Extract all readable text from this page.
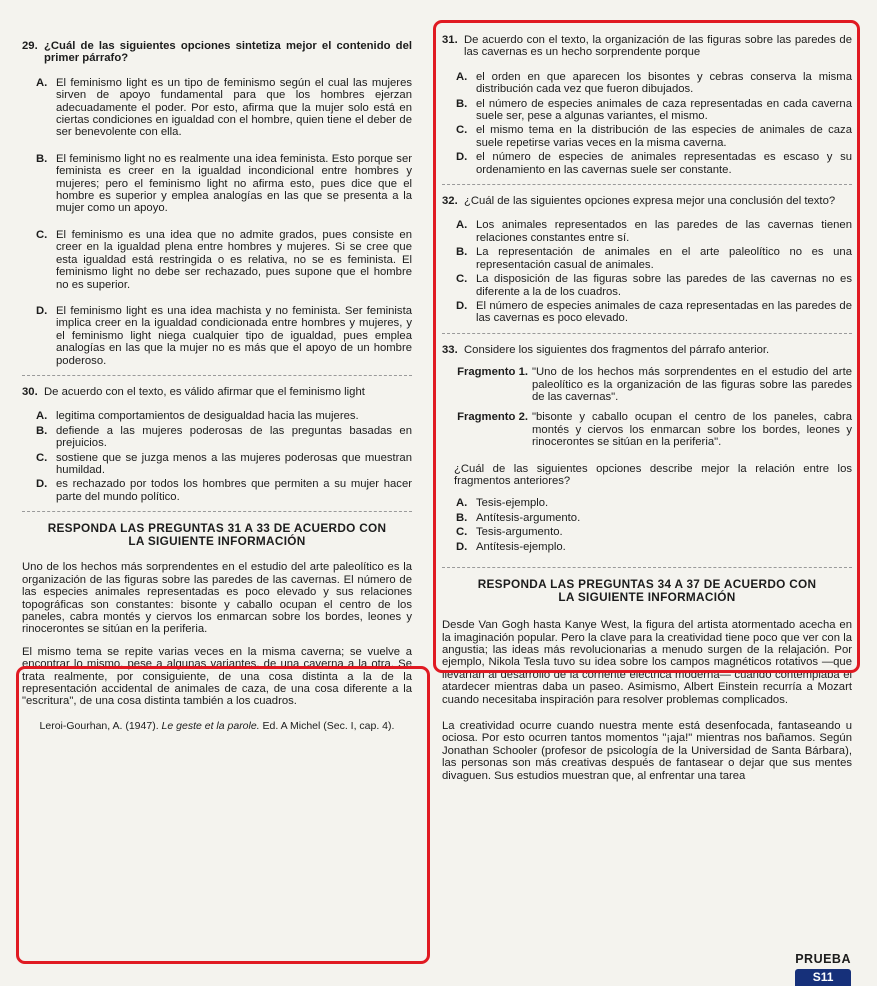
29. ¿Cuál de las siguientes opciones sintetiza mejor el contenido del primer párrafo?
A. El feminismo light es un tipo de feminismo según el cual las mujeres sirven de apoyo fundamental para que los hombres ejerzan adecuadamente el poder. Por esto, afirma que la mujer solo está en ciertas condiciones en igualdad con el hombre, quien tiene el deber de ser benevolente con ella.
B. El feminismo light no es realmente una idea feminista. Esto porque ser feminista es creer en la igualdad incondicional entre hombres y mujeres; pero el feminismo light no afirma esto, pues dice que el hombre es superior y emplea analogías en las que se presenta a la mujer como un apoyo.
C. El feminismo es una idea que no admite grados, pues consiste en creer en la igualdad plena entre hombres y mujeres. Si se cree que esta igualdad está restringida o es relativa, no se es feminista. El feminismo light no debe ser rechazado, pues supone que el hombre no es superior.
D. El feminismo light es una idea machista y no feminista. Ser feminista implica creer en la igualdad condicionada entre hombres y mujeres, y el feminismo light niega cualquier tipo de igualdad, pues emplea analogías en las que la mujer no es más que el apoyo de un hombre poderoso.
30. De acuerdo con el texto, es válido afirmar que el feminismo light
A. legitima comportamientos de desigualdad hacia las mujeres.
B. defiende a las mujeres poderosas de las preguntas basadas en prejuicios.
C. sostiene que se juzga menos a las mujeres poderosas que muestran humildad.
D. es rechazado por todos los hombres que permiten a su mujer hacer parte del mundo político.
RESPONDA LAS PREGUNTAS 31 A 33 DE ACUERDO CON
LA SIGUIENTE INFORMACIÓN
Uno de los hechos más sorprendentes en el estudio del arte paleolítico es la organización de las figuras sobre las paredes de las cavernas. El número de las especies animales representadas es poco elevado y sus relaciones topográficas son constantes: bisonte y caballo ocupan el centro de los paneles, cabra montés y ciervos los enmarcan sobre los bordes, leones y rinocerontes se sitúan en la periferia.
El mismo tema se repite varias veces en la misma caverna; se vuelve a encontrar lo mismo, pese a algunas variantes, de una caverna a la otra. Se trata realmente, por consiguiente, de una cosa distinta a la de la representación accidental de animales de caza, de una cosa diferente a la "escritura", de una cosa distinta también a los cuadros.
Leroi-Gourhan, A. (1947). Le geste et la parole. Ed. A Michel (Sec. I, cap. 4).
31. De acuerdo con el texto, la organización de las figuras sobre las paredes de las cavernas es un hecho sorprendente porque
A. el orden en que aparecen los bisontes y cebras conserva la misma distribución cada vez que fueron dibujados.
B. el número de especies animales de caza representadas en cada caverna suele ser, pese a algunas variantes, el mismo.
C. el mismo tema en la distribución de las especies de animales de caza suele repetirse varias veces en la misma caverna.
D. el número de especies de animales representadas es escaso y su ordenamiento en las cavernas suele ser constante.
32. ¿Cuál de las siguientes opciones expresa mejor una conclusión del texto?
A. Los animales representados en las paredes de las cavernas tienen relaciones constantes entre sí.
B. La representación de animales en el arte paleolítico no es una representación casual de animales.
C. La disposición de las figuras sobre las paredes de las cavernas no es diferente a la de los cuadros.
D. El número de especies animales de caza representadas en las paredes de las cavernas es poco elevado.
33. Considere los siguientes dos fragmentos del párrafo anterior.
Fragmento 1. "Uno de los hechos más sorprendentes en el estudio del arte paleolítico es la organización de las figuras sobre las paredes de las cavernas".
Fragmento 2. "bisonte y caballo ocupan el centro de los paneles, cabra montés y ciervos los enmarcan sobre los bordes, leones y rinocerontes se sitúan en la periferia".
¿Cuál de las siguientes opciones describe mejor la relación entre los fragmentos anteriores?
A. Tesis-ejemplo.
B. Antítesis-argumento.
C. Tesis-argumento.
D. Antítesis-ejemplo.
RESPONDA LAS PREGUNTAS 34 A 37 DE ACUERDO CON
LA SIGUIENTE INFORMACIÓN
Desde Van Gogh hasta Kanye West, la figura del artista atormentado acecha en la imaginación popular. Pero la clave para la creatividad tiene poco que ver con la angustia; las ideas más revolucionarias a menudo surgen de la relajación. Por ejemplo, Nikola Tesla tuvo su idea sobre los campos magnéticos rotativos —que llevarían al desarrollo de la corriente eléctrica moderna— cuando contemplaba el atardecer mientras daba un paseo. Asimismo, Albert Einstein recurría a Mozart cuando necesitaba inspiración para resolver problemas complicados.
La creatividad ocurre cuando nuestra mente está desenfocada, fantaseando u ociosa. Por esto ocurren tantos momentos "¡aja!" mientras nos bañamos. Según Jonathan Schooler (profesor de psicología de la Universidad de Santa Bárbara), las personas son más creativas después de fantasear o dejar que sus mentes divaguen. Sus estudios muestran que, al enfrentar una tarea
PRUEBA
S11
